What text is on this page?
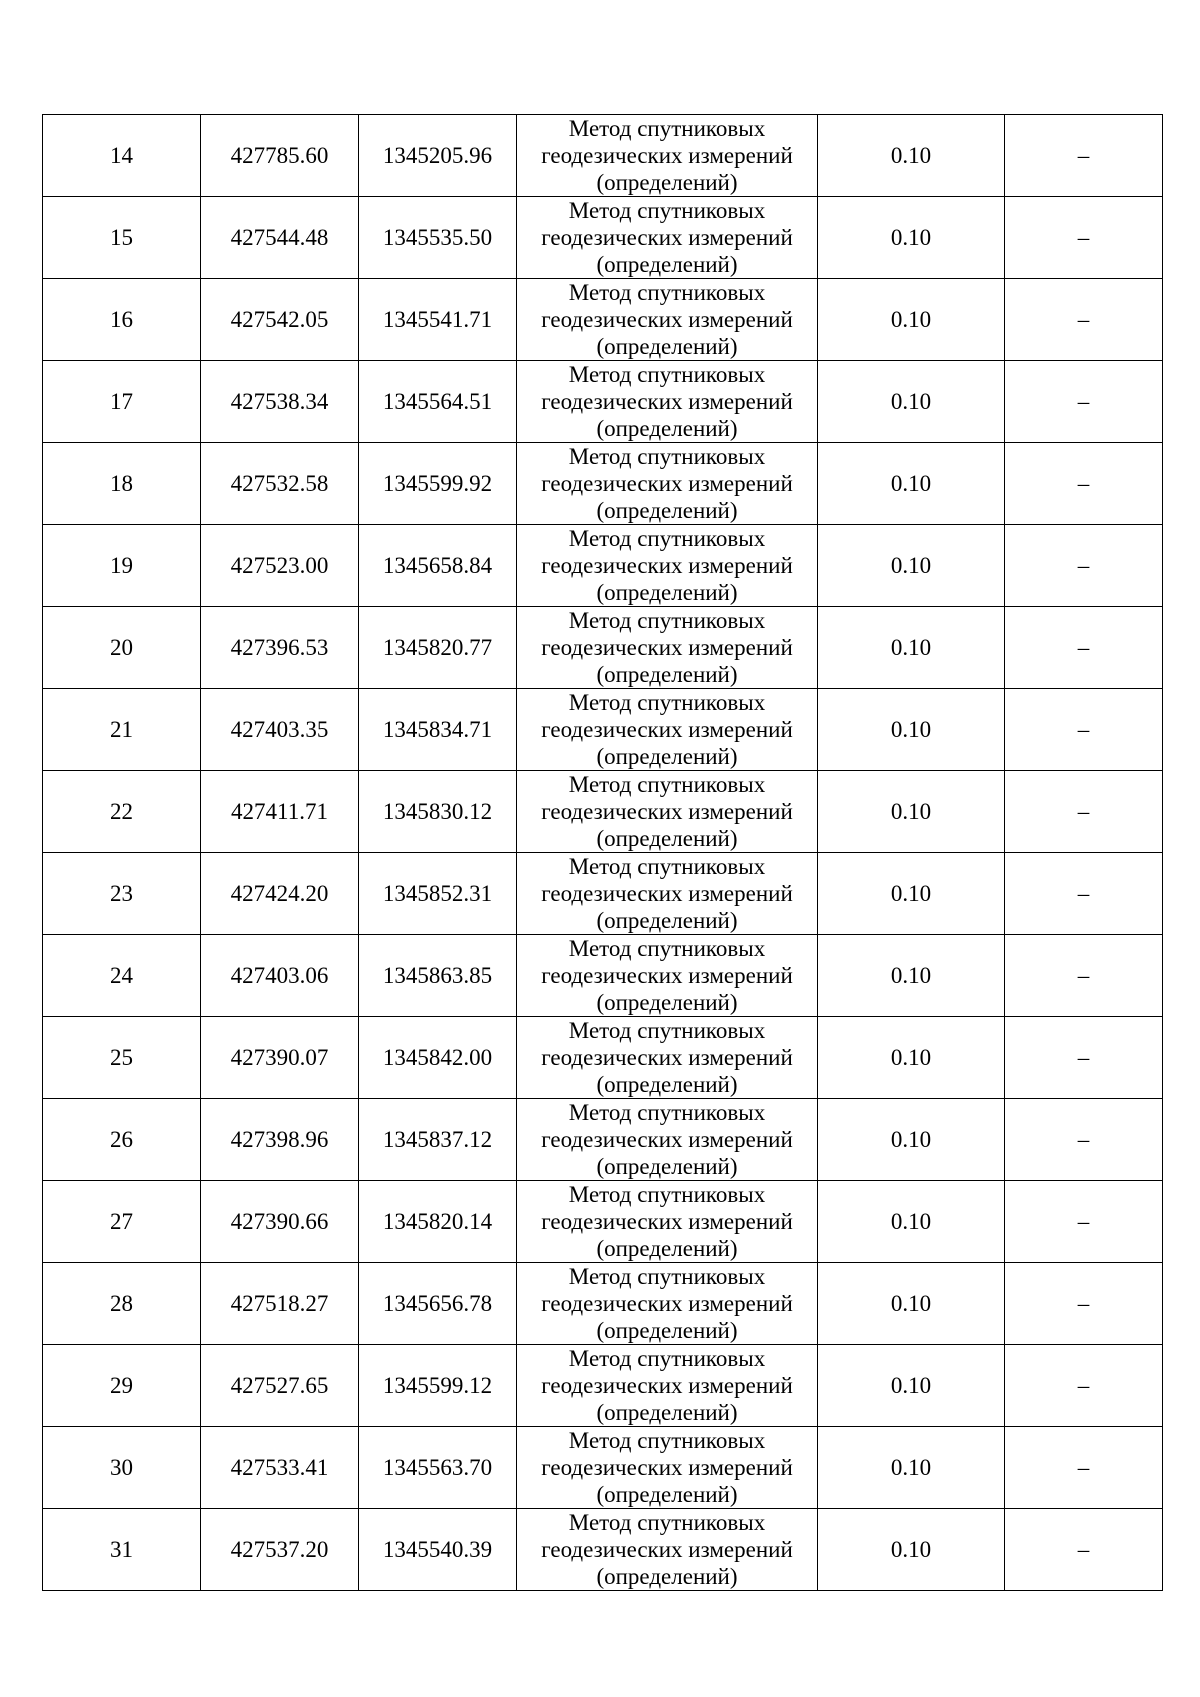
14	427785.60	1345205.96	Метод спутниковых
геодезических измерений
(определений)	0.10	–
15	427544.48	1345535.50	Метод спутниковых
геодезических измерений
(определений)	0.10	–
16	427542.05	1345541.71	Метод спутниковых
геодезических измерений
(определений)	0.10	–
17	427538.34	1345564.51	Метод спутниковых
геодезических измерений
(определений)	0.10	–
18	427532.58	1345599.92	Метод спутниковых
геодезических измерений
(определений)	0.10	–
19	427523.00	1345658.84	Метод спутниковых
геодезических измерений
(определений)	0.10	–
20	427396.53	1345820.77	Метод спутниковых
геодезических измерений
(определений)	0.10	–
21	427403.35	1345834.71	Метод спутниковых
геодезических измерений
(определений)	0.10	–
22	427411.71	1345830.12	Метод спутниковых
геодезических измерений
(определений)	0.10	–
23	427424.20	1345852.31	Метод спутниковых
геодезических измерений
(определений)	0.10	–
24	427403.06	1345863.85	Метод спутниковых
геодезических измерений
(определений)	0.10	–
25	427390.07	1345842.00	Метод спутниковых
геодезических измерений
(определений)	0.10	–
26	427398.96	1345837.12	Метод спутниковых
геодезических измерений
(определений)	0.10	–
27	427390.66	1345820.14	Метод спутниковых
геодезических измерений
(определений)	0.10	–
28	427518.27	1345656.78	Метод спутниковых
геодезических измерений
(определений)	0.10	–
29	427527.65	1345599.12	Метод спутниковых
геодезических измерений
(определений)	0.10	–
30	427533.41	1345563.70	Метод спутниковых
геодезических измерений
(определений)	0.10	–
31	427537.20	1345540.39	Метод спутниковых
геодезических измерений
(определений)	0.10	–
